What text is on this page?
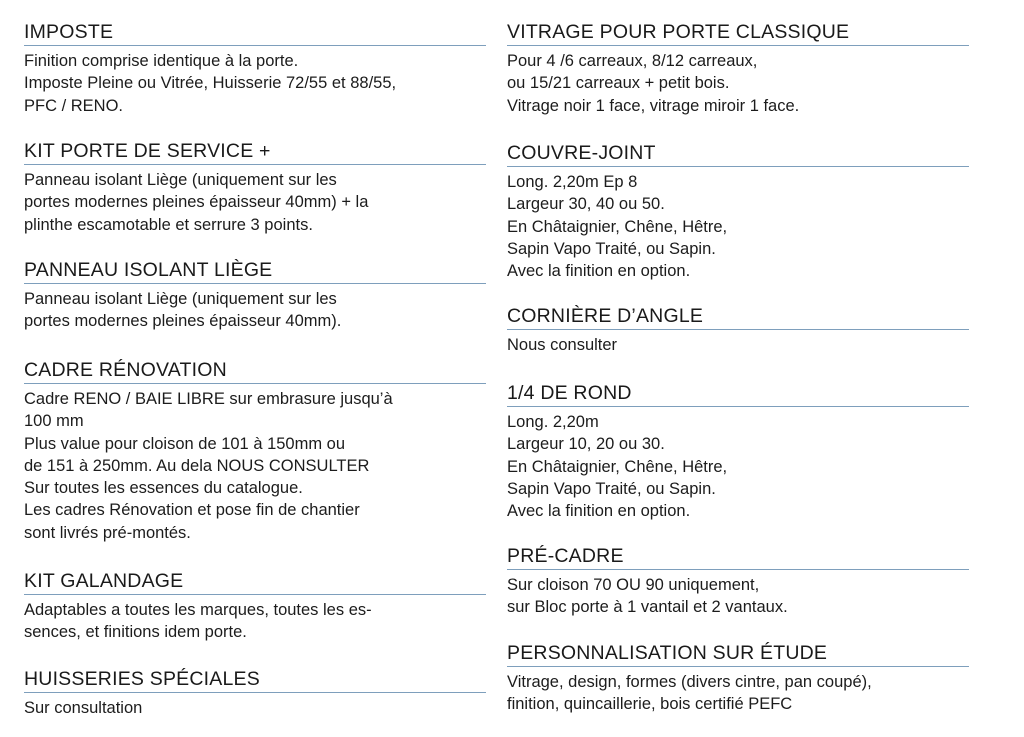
IMPOSTE
Finition comprise identique à la porte.
Imposte Pleine ou Vitrée, Huisserie 72/55 et 88/55,
PFC / RENO.
KIT PORTE DE SERVICE +
Panneau isolant Liège (uniquement sur les
portes modernes pleines épaisseur 40mm) + la
plinthe escamotable et serrure 3 points.
PANNEAU ISOLANT LIÈGE
Panneau isolant Liège (uniquement sur les
portes modernes pleines épaisseur 40mm).
CADRE RÉNOVATION
Cadre RENO / BAIE LIBRE sur embrasure jusqu’à
100 mm
Plus value pour cloison de 101 à 150mm ou
de 151 à 250mm. Au dela NOUS CONSULTER
Sur toutes les essences du catalogue.
Les cadres Rénovation et pose fin de chantier
sont livrés pré-montés.
KIT GALANDAGE
Adaptables a toutes les marques, toutes les es-
sences, et finitions idem porte.
HUISSERIES SPÉCIALES
Sur consultation
VITRAGE POUR PORTE CLASSIQUE
Pour 4 /6 carreaux, 8/12 carreaux,
ou 15/21 carreaux + petit bois.
Vitrage noir 1 face, vitrage miroir 1 face.
COUVRE-JOINT
Long. 2,20m Ep 8
Largeur 30, 40 ou 50.
En Châtaignier, Chêne, Hêtre,
Sapin Vapo Traité, ou Sapin.
Avec la finition en option.
CORNIÈRE D’ANGLE
Nous consulter
1/4 DE ROND
Long. 2,20m
Largeur 10, 20 ou 30.
En Châtaignier, Chêne, Hêtre,
Sapin Vapo Traité, ou Sapin.
Avec la finition en option.
PRÉ-CADRE
Sur cloison 70 OU 90 uniquement,
sur Bloc porte à 1 vantail et 2 vantaux.
PERSONNALISATION SUR ÉTUDE
Vitrage, design, formes (divers cintre, pan coupé),
finition, quincaillerie, bois certifié PEFC
